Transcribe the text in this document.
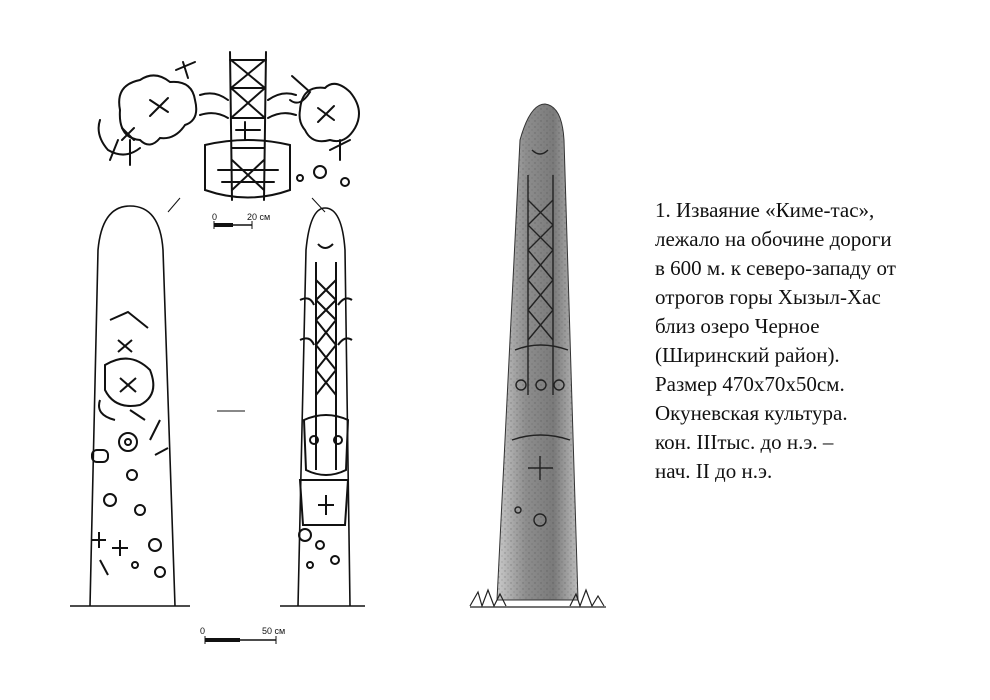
0	20 см
0	50 см
1. Изваяние «Киме-тас»,
лежало на обочине дороги
в 600 м. к северо-западу от
отрогов горы Хызыл-Хас
близ озеро Черное
(Ширинский район).
Размер 470х70х50см.
Окуневская культура.
кон. IIIтыс. до н.э. –
нач. II до н.э.
